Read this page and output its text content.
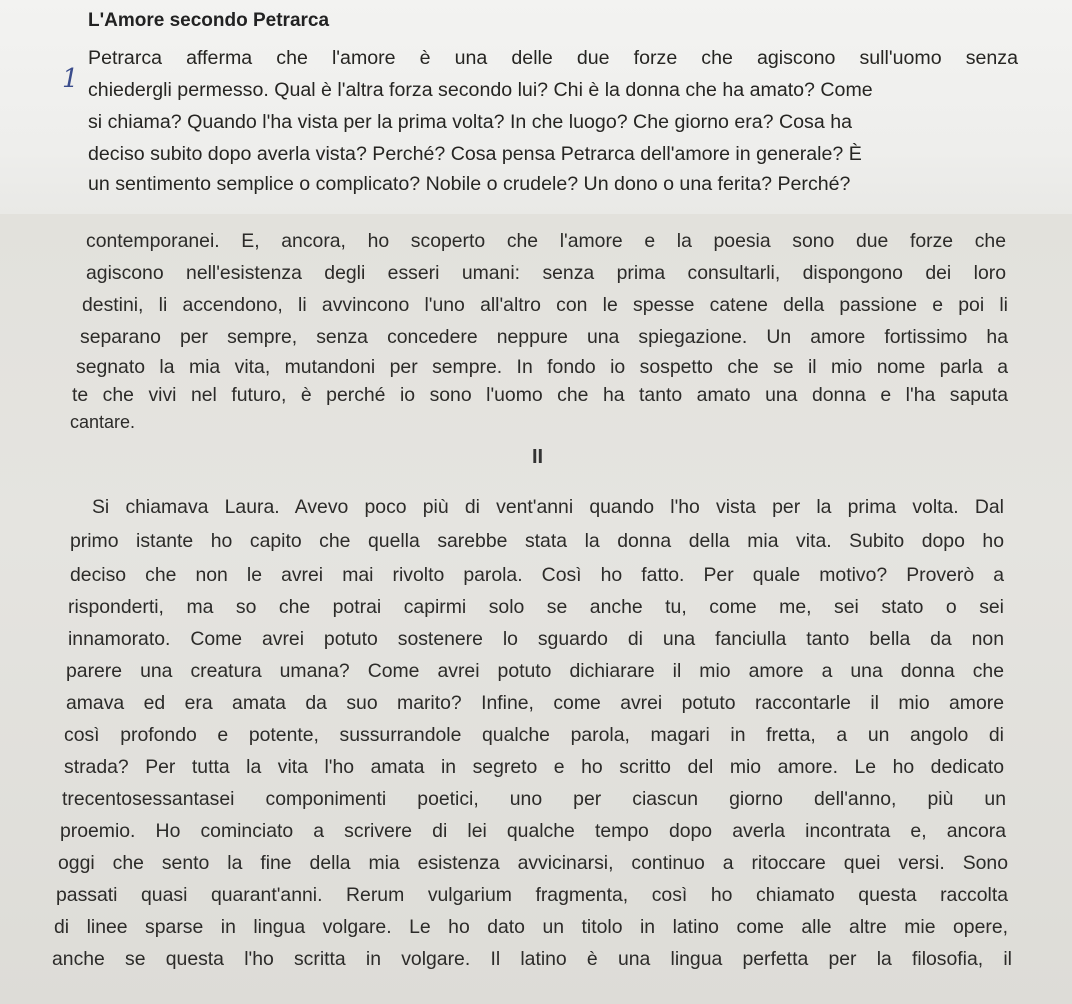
L'Amore secondo Petrarca
1
Petrarca afferma che l'amore è una delle due forze che agiscono sull'uomo senza
chiedergli permesso. Qual è l'altra forza secondo lui? Chi è la donna che ha amato? Come
si chiama? Quando l'ha vista per la prima volta? In che luogo? Che giorno era? Cosa ha
deciso subito dopo averla vista? Perché? Cosa pensa Petrarca dell'amore in generale? È
un sentimento semplice o complicato? Nobile o crudele? Un dono o una ferita? Perché?
contemporanei. E, ancora, ho scoperto che l'amore e la poesia sono due forze che
agiscono nell'esistenza degli esseri umani: senza prima consultarli, dispongono dei loro
destini, li accendono, li avvincono l'uno all'altro con le spesse catene della passione e poi li
separano per sempre, senza concedere neppure una spiegazione. Un amore fortissimo ha
segnato la mia vita, mutandoni per sempre. In fondo io sospetto che se il mio nome parla a
te che vivi nel futuro, è perché io sono l'uomo che ha tanto amato una donna e l'ha saputa
cantare.
II
Si chiamava Laura. Avevo poco più di vent'anni quando l'ho vista per la prima volta. Dal
primo istante ho capito che quella sarebbe stata la donna della mia vita. Subito dopo ho
deciso che non le avrei mai rivolto parola. Così ho fatto. Per quale motivo? Proverò a
risponderti, ma so che potrai capirmi solo se anche tu, come me, sei stato o sei
innamorato. Come avrei potuto sostenere lo sguardo di una fanciulla tanto bella da non
parere una creatura umana? Come avrei potuto dichiarare il mio amore a una donna che
amava ed era amata da suo marito? Infine, come avrei potuto raccontarle il mio amore
così profondo e potente, sussurrandole qualche parola, magari in fretta, a un angolo di
strada? Per tutta la vita l'ho amata in segreto e ho scritto del mio amore. Le ho dedicato
trecentosessantasei componimenti poetici, uno per ciascun giorno dell'anno, più un
proemio. Ho cominciato a scrivere di lei qualche tempo dopo averla incontrata e, ancora
oggi che sento la fine della mia esistenza avvicinarsi, continuo a ritoccare quei versi. Sono
passati quasi quarant'anni. Rerum vulgarium fragmenta, così ho chiamato questa raccolta
di linee sparse in lingua volgare. Le ho dato un titolo in latino come alle altre mie opere,
anche se questa l'ho scritta in volgare. Il latino è una lingua perfetta per la filosofia, il
